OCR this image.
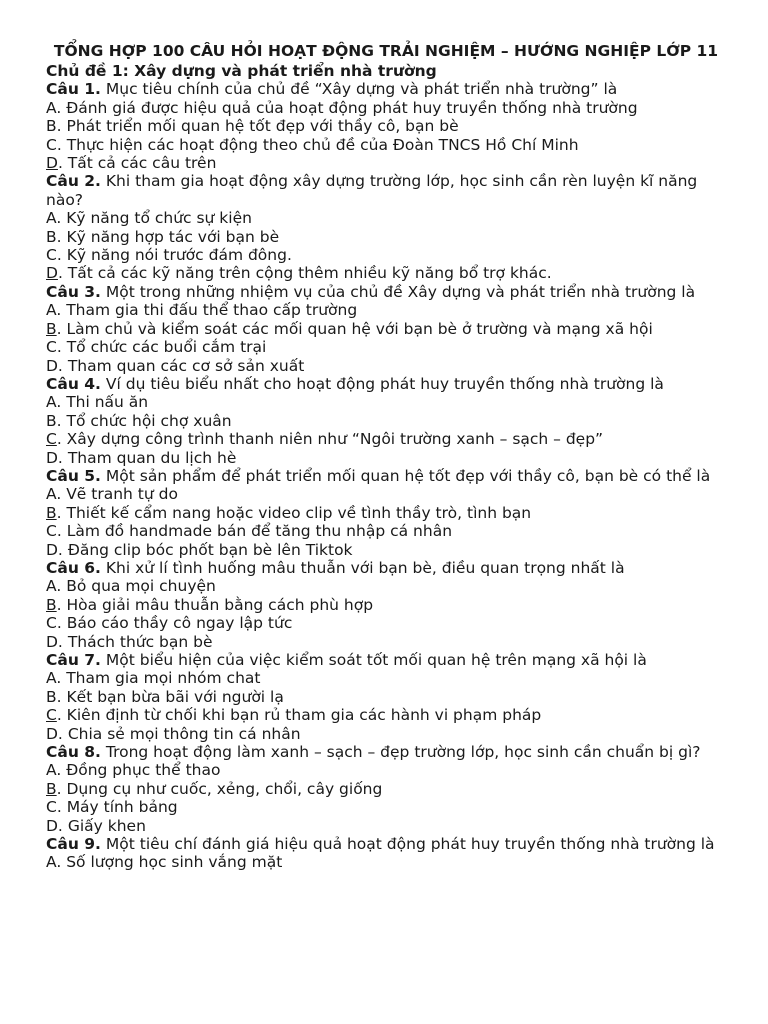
TỔNG HỢP 100 CÂU HỎI HOẠT ĐỘNG TRẢI NGHIỆM – HƯỚNG NGHIỆP LỚP 11
Chủ đề 1: Xây dựng và phát triển nhà trường
Câu 1. Mục tiêu chính của chủ đề “Xây dựng và phát triển nhà trường” là
A. Đánh giá được hiệu quả của hoạt động phát huy truyền thống nhà trường
B. Phát triển mối quan hệ tốt đẹp với thầy cô, bạn bè
C. Thực hiện các hoạt động theo chủ đề của Đoàn TNCS Hồ Chí Minh
D. Tất cả các câu trên
Câu 2. Khi tham gia hoạt động xây dựng trường lớp, học sinh cần rèn luyện kĩ năng nào?
A. Kỹ năng tổ chức sự kiện
B. Kỹ năng hợp tác với bạn bè
C. Kỹ năng nói trước đám đông.
D. Tất cả các kỹ năng trên cộng thêm nhiều kỹ năng bổ trợ khác.
Câu 3. Một trong những nhiệm vụ của chủ đề Xây dựng và phát triển nhà trường là
A. Tham gia thi đấu thể thao cấp trường
B. Làm chủ và kiểm soát các mối quan hệ với bạn bè ở trường và mạng xã hội
C. Tổ chức các buổi cắm trại
D. Tham quan các cơ sở sản xuất
Câu 4. Ví dụ tiêu biểu nhất cho hoạt động phát huy truyền thống nhà trường là
A. Thi nấu ăn
B. Tổ chức hội chợ xuân
C. Xây dựng công trình thanh niên như “Ngôi trường xanh – sạch – đẹp”
D. Tham quan du lịch hè
Câu 5. Một sản phẩm để phát triển mối quan hệ tốt đẹp với thầy cô, bạn bè có thể là
A. Vẽ tranh tự do
B. Thiết kế cẩm nang hoặc video clip về tình thầy trò, tình bạn
C. Làm đồ handmade bán để tăng thu nhập cá nhân
D. Đăng clip bóc phốt bạn bè lên Tiktok
Câu 6. Khi xử lí tình huống mâu thuẫn với bạn bè, điều quan trọng nhất là
A. Bỏ qua mọi chuyện
B. Hòa giải mâu thuẫn bằng cách phù hợp
C. Báo cáo thầy cô ngay lập tức
D. Thách thức bạn bè
Câu 7. Một biểu hiện của việc kiểm soát tốt mối quan hệ trên mạng xã hội là
A. Tham gia mọi nhóm chat
B. Kết bạn bừa bãi với người lạ
C. Kiên định từ chối khi bạn rủ tham gia các hành vi phạm pháp
D. Chia sẻ mọi thông tin cá nhân
Câu 8. Trong hoạt động làm xanh – sạch – đẹp trường lớp, học sinh cần chuẩn bị gì?
A. Đồng phục thể thao
B. Dụng cụ như cuốc, xẻng, chổi, cây giống
C. Máy tính bảng
D. Giấy khen
Câu 9. Một tiêu chí đánh giá hiệu quả hoạt động phát huy truyền thống nhà trường là
A. Số lượng học sinh vắng mặt
